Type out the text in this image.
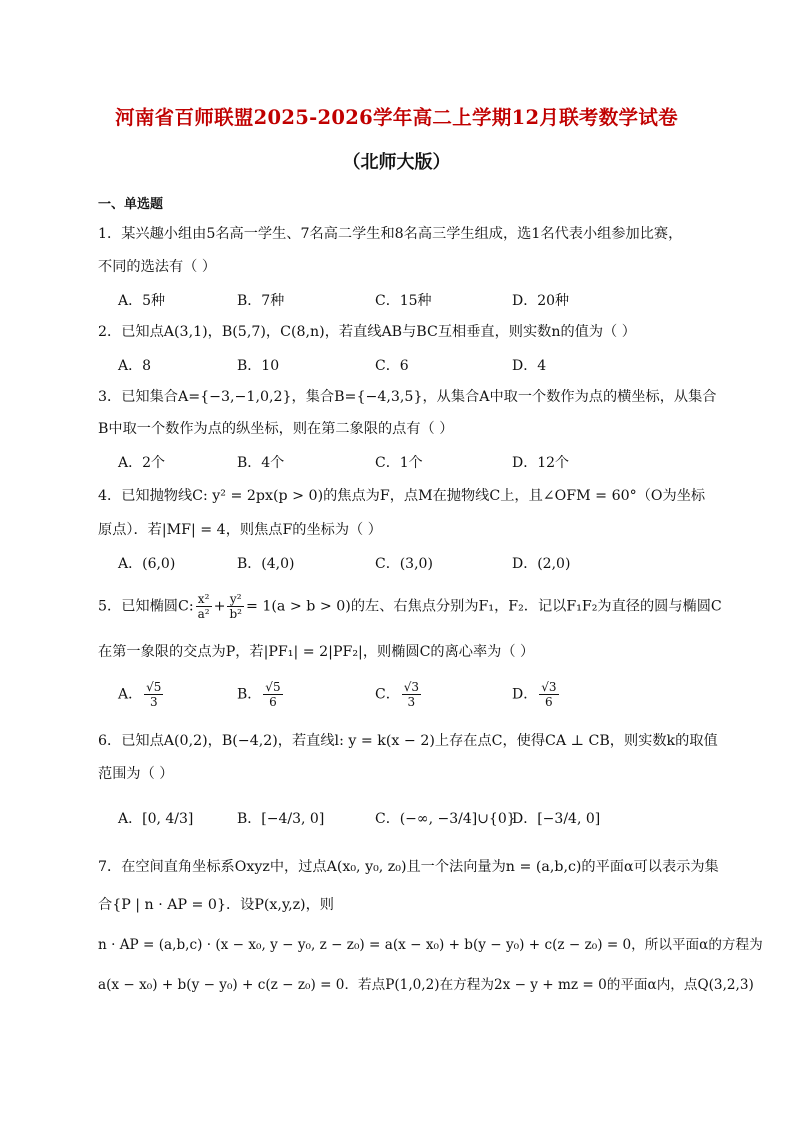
河南省百师联盟2025-2026学年高二上学期12月联考数学试卷
（北师大版）
一、单选题
1．某兴趣小组由5名高一学生、7名高二学生和8名高三学生组成，选1名代表小组参加比赛，
不同的选法有（ ）
A．5种	B．7种	C．15种	D．20种
2．已知点A(3,1)，B(5,7)，C(8,n)，若直线AB与BC互相垂直，则实数n的值为（ ）
A．8	B．10	C．6	D．4
3．已知集合A={−3,−1,0,2}，集合B={−4,3,5}，从集合A中取一个数作为点的横坐标，从集合
B中取一个数作为点的纵坐标，则在第二象限的点有（ ）
A．2个	B．4个	C．1个	D．12个
4．已知抛物线C: y² = 2px(p > 0)的焦点为F，点M在抛物线C上，且∠OFM = 60°（O为坐标
原点）．若|MF| = 4，则焦点F的坐标为（ ）
A．(6,0)	B．(4,0)	C．(3,0)	D．(2,0)
5．已知椭圆C: $\frac{\text{x²}}{\text{a²}} + \frac{\text{y²}}{\text{b²}} = 1(a > b > 0)$的左、右焦点分别为F₁，F₂．记以F₁F₂为直径的圆与椭圆C
在第一象限的交点为P，若|PF₁| = 2|PF₂|，则椭圆C的离心率为（ ）
A． $\frac{√5}{3}$	B． $\frac{√5}{6}$	C． $\frac{√3}{3}$	D． $\frac{√3}{6}$
6．已知点A(0,2)，B(−4,2)，若直线l: y = k(x − 2)上存在点C，使得CA ⊥ CB，则实数k的取值
范围为（ ）
A．[0, 4/3]	B．[−4/3, 0]	C．(−∞, −3/4]∪{0}
D．[−3/4, 0]
7．在空间直角坐标系Oxyz中，过点A(x₀, y₀, z₀)且一个法向量为n = (a,b,c)的平面α可以表示为集
合{P | n · AP = 0}．设P(x,y,z)，则
n · AP = (a,b,c) · (x − x₀, y − y₀, z − z₀) = a(x − x₀) + b(y − y₀) + c(z − z₀) = 0，所以平面α的方程为
a(x − x₀) + b(y − y₀) + c(z − z₀) = 0．若点P(1,0,2)在方程为2x − y + mz = 0的平面α内，点Q(3,2,3)
